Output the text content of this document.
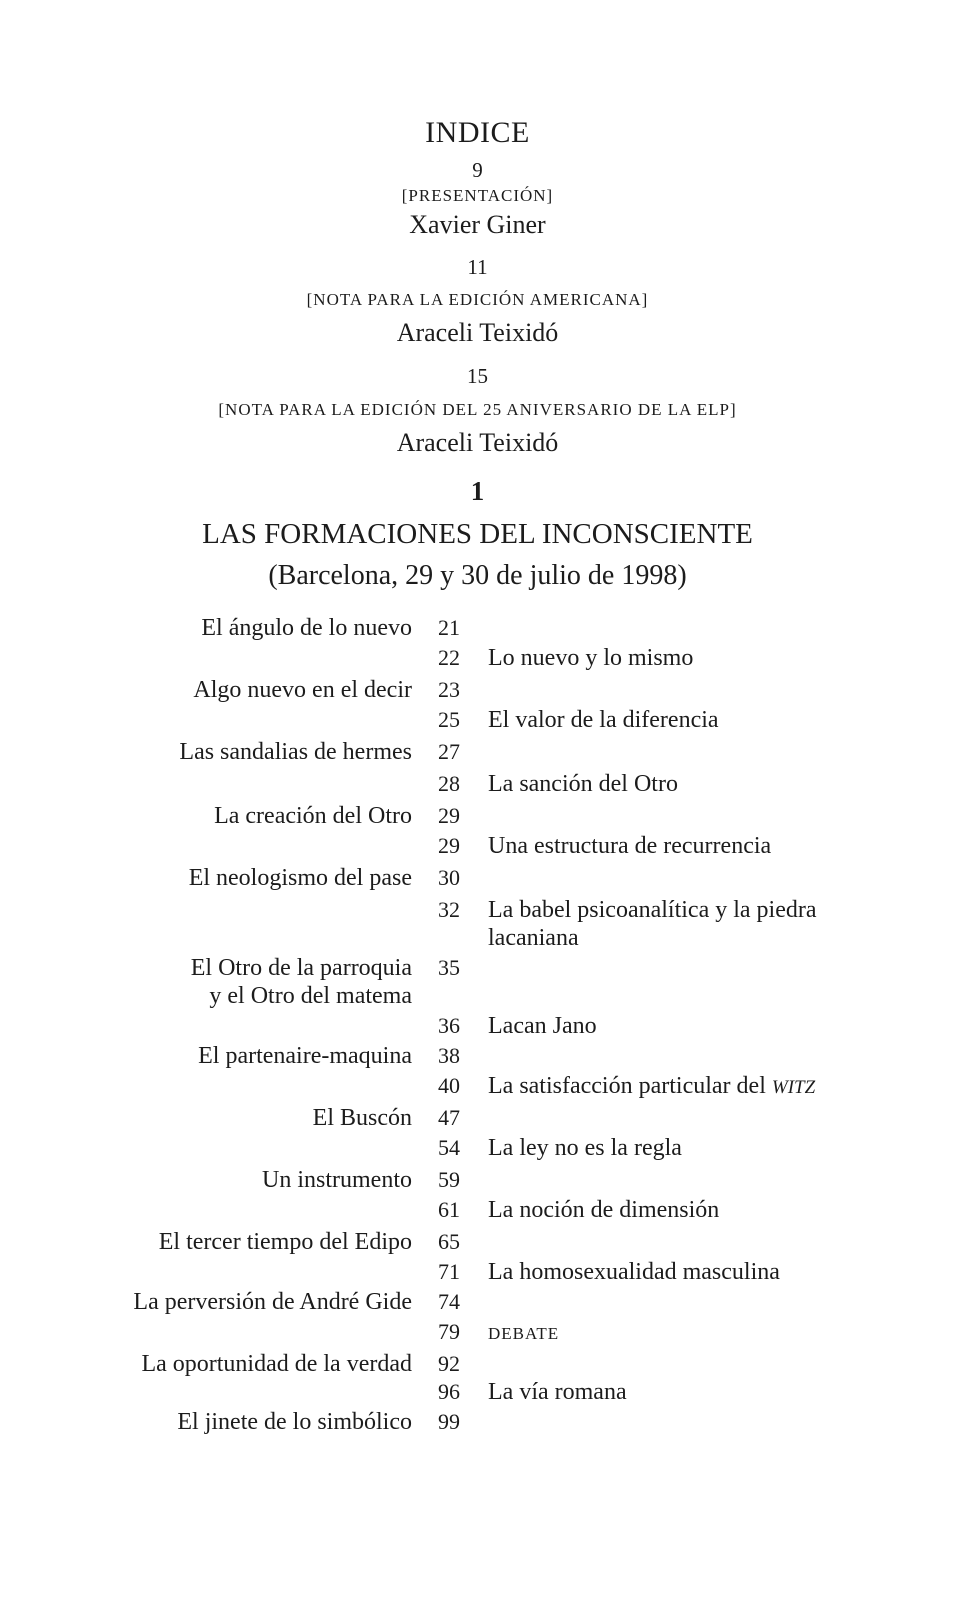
INDICE
9
[PRESENTACIÓN]
Xavier Giner
11
[NOTA PARA LA EDICIÓN AMERICANA]
Araceli Teixidó
15
[NOTA PARA LA EDICIÓN DEL 25 ANIVERSARIO DE LA ELP]
Araceli Teixidó
1
LAS FORMACIONES DEL INCONSCIENTE
(Barcelona, 29 y 30 de julio de 1998)
El ángulo de lo nuevo 21
Lo nuevo y lo mismo
22
Algo nuevo en el decir 23
El valor de la diferencia
25
Las sandalias de hermes 27
La sanción del Otro
28
La creación del Otro 29
Una estructura de recurrencia
29
El neologismo del pase 30
La babel psicoanalítica y la piedra
lacaniana
32
El Otro de la parroquia
y el Otro del matema
35
Lacan Jano
36
El partenaire-maquina 38
La satisfacción particular del WITZ
40
El Buscón 47
La ley no es la regla
54
Un instrumento 59
La noción de dimensión
61
El tercer tiempo del Edipo 65
La homosexualidad masculina
71
La perversión de André Gide 74
DEBATE
79
La oportunidad de la verdad 92
La vía romana
96
El jinete de lo simbólico 99
